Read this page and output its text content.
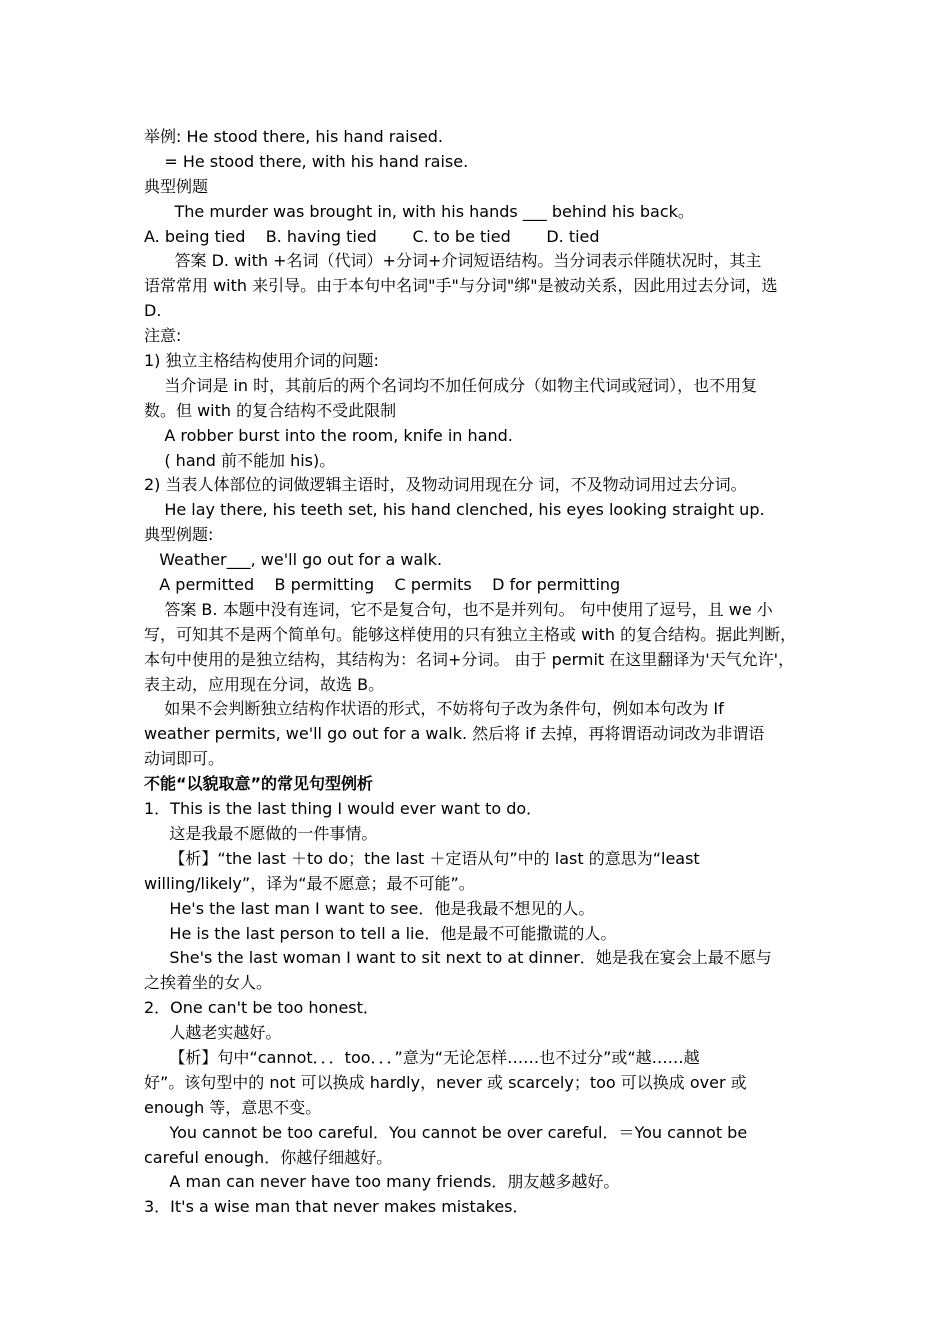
举例: He stood there, his hand raised.
= He stood there, with his hand raise.
典型例题
The murder was brought in, with his hands ___ behind his back。
A. being tied    B. having tied       C. to be tied       D. tied
答案 D. with +名词（代词）+分词+介词短语结构。当分词表示伴随状况时，其主
语常常用 with 来引导。由于本句中名词"手"与分词"绑"是被动关系，因此用过去分词，选
D.
注意:
1) 独立主格结构使用介词的问题:
当介词是 in 时，其前后的两个名词均不加任何成分（如物主代词或冠词），也不用复
数。但 with 的复合结构不受此限制
A robber burst into the room, knife in hand.
( hand 前不能加 his)。
2) 当表人体部位的词做逻辑主语时，及物动词用现在分 词，不及物动词用过去分词。
He lay there, his teeth set, his hand clenched, his eyes looking straight up.
典型例题:
Weather___, we'll go out for a walk.
A permitted    B permitting    C permits    D for permitting
答案 B. 本题中没有连词，它不是复合句，也不是并列句。 句中使用了逗号，且 we 小
写，可知其不是两个简单句。能够这样使用的只有独立主格或 with 的复合结构。据此判断，
本句中使用的是独立结构，其结构为：名词+分词。 由于 permit 在这里翻译为'天气允许'，
表主动，应用现在分词，故选 B。
如果不会判断独立结构作状语的形式，不妨将句子改为条件句，例如本句改为 If
weather permits, we'll go out for a walk. 然后将 if 去掉，再将谓语动词改为非谓语
动词即可。
不能“以貌取意”的常见句型例析
1．This is the last thing I would ever want to do．
这是我最不愿做的一件事情。
【析】“the last ＋to do；the last ＋定语从句”中的 last 的意思为“least
willing/likely”，译为“最不愿意；最不可能”。
He's the last man I want to see．他是我最不想见的人。
He is the last person to tell a lie．他是最不可能撒谎的人。
She's the last woman I want to sit next to at dinner．她是我在宴会上最不愿与
之挨着坐的女人。
2．One can't be too honest．
人越老实越好。
【析】句中“cannot．．．too．．．”意为“无论怎样……也不过分”或“越……越
好”。该句型中的 not 可以换成 hardly，never 或 scarcely；too 可以换成 over 或
enough 等，意思不变。
You cannot be too careful．You cannot be over careful．＝You cannot be
careful enough．你越仔细越好。
A man can never have too many friends．朋友越多越好。
3．It's a wise man that never makes mistakes．
